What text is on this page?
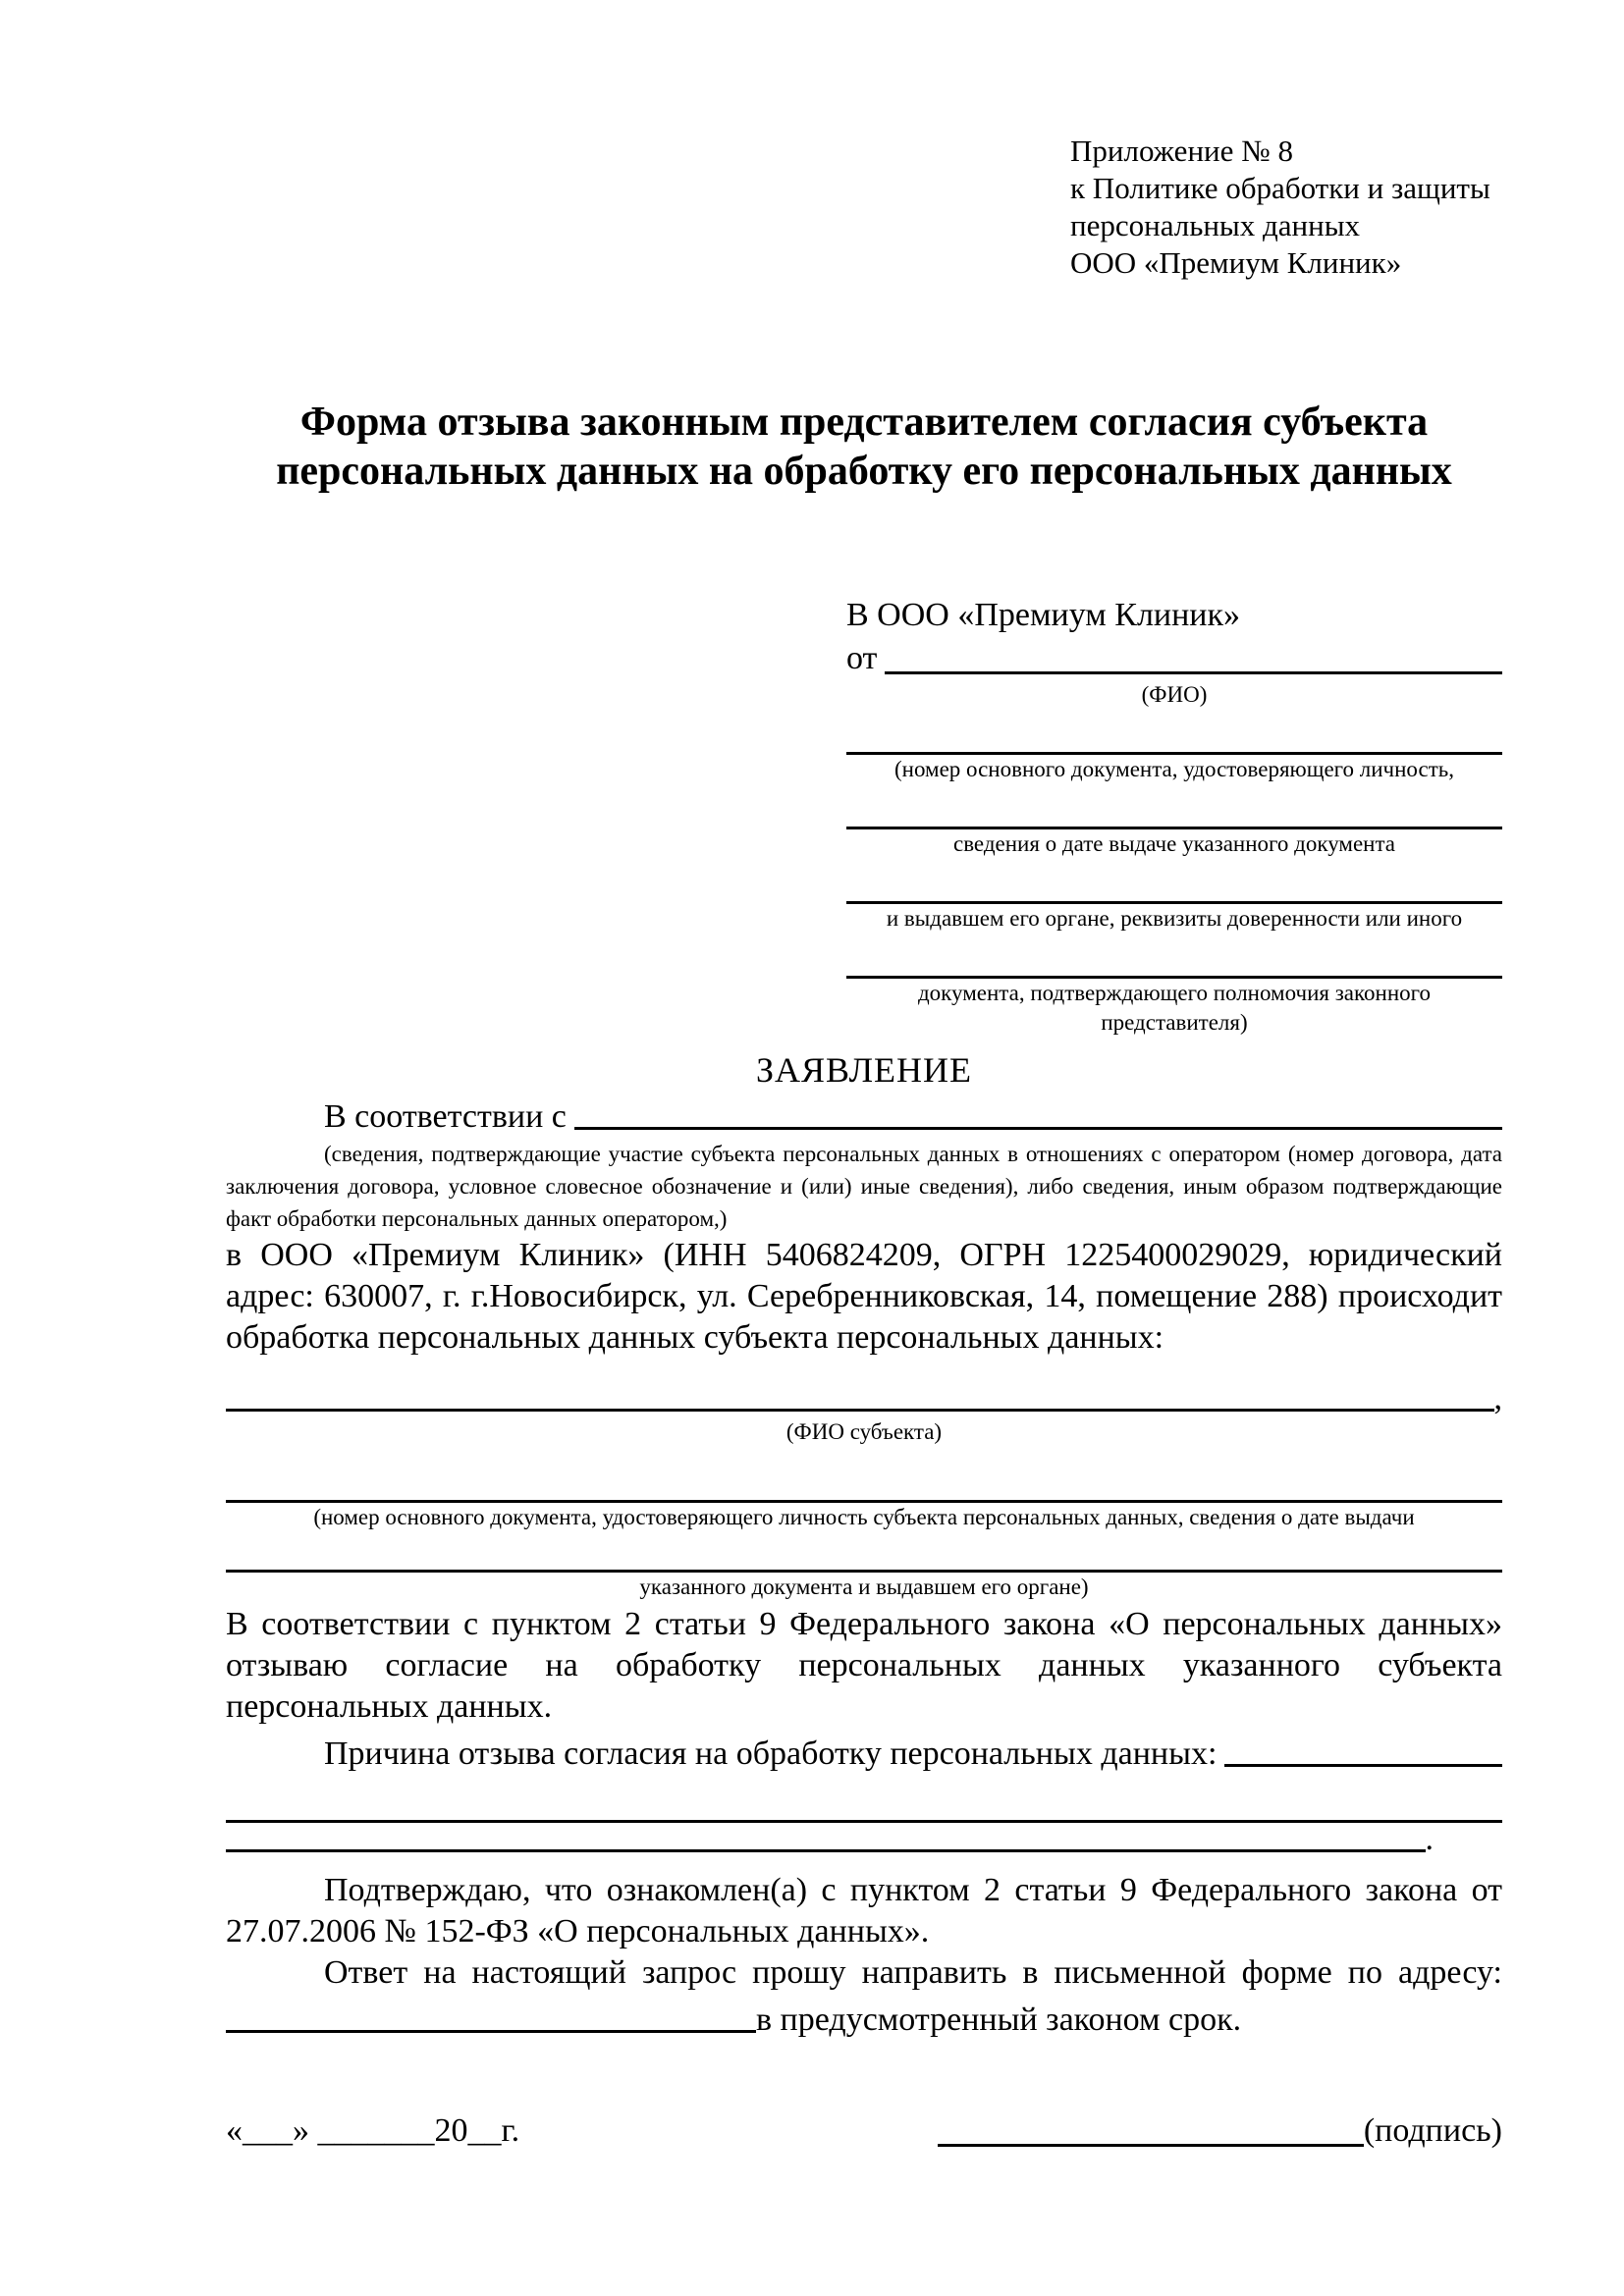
Приложение № 8
к Политике обработки и защиты
персональных данных
ООО «Премиум Клиник»
Форма отзыва законным представителем согласия субъекта персональных данных на обработку его персональных данных
В ООО «Премиум Клиник»
от
(ФИО)
(номер основного документа, удостоверяющего личность,
сведения о дате выдаче указанного документа
и выдавшем его органе, реквизиты доверенности или иного
документа, подтверждающего полномочия законного представителя)
ЗАЯВЛЕНИЕ
В соответствии с
(сведения, подтверждающие участие субъекта персональных данных в отношениях с оператором (номер договора, дата заключения договора, условное словесное обозначение и (или) иные сведения), либо сведения, иным образом подтверждающие факт обработки персональных данных оператором,)
в ООО «Премиум Клиник» (ИНН 5406824209, ОГРН 1225400029029, юридический адрес: 630007, г. г.Новосибирск, ул. Серебренниковская, 14, помещение 288) происходит обработка персональных данных субъекта персональных данных:
,
(ФИО субъекта)
(номер основного документа, удостоверяющего личность субъекта персональных данных, сведения о дате выдачи
указанного документа и выдавшем его органе)
В соответствии с пунктом 2 статьи 9 Федерального закона «О персональных данных» отзываю согласие на обработку персональных данных указанного субъекта персональных данных.
Причина отзыва согласия на обработку персональных данных:
.
Подтверждаю, что ознакомлен(а) с пунктом 2 статьи 9 Федерального закона от 27.07.2006 № 152-ФЗ «О персональных данных».
Ответ на настоящий запрос прошу направить в письменной форме по адресу:
в предусмотренный законом срок.
«___» _______20__г.	(подпись)
